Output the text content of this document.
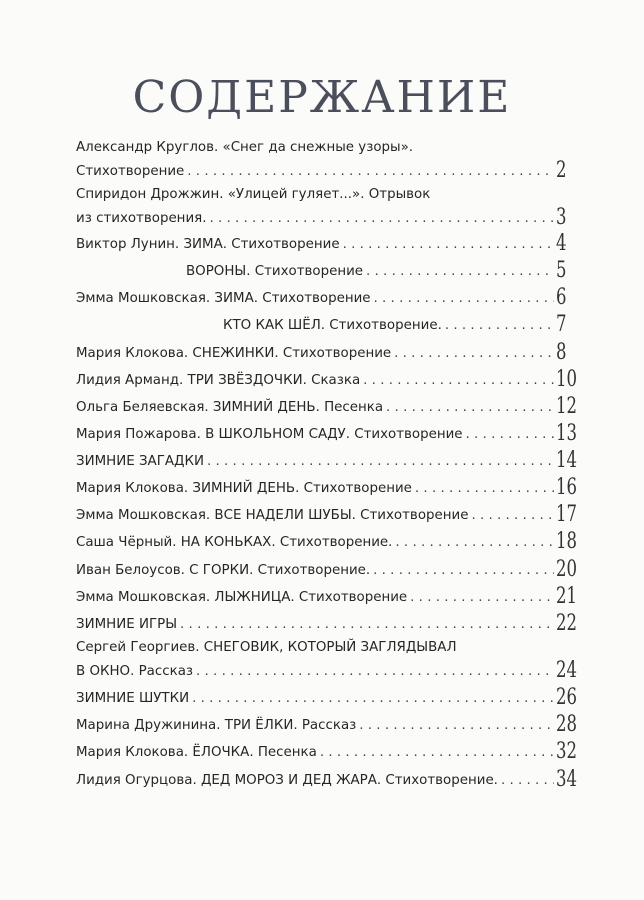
СОДЕРЖАНИЕ
Александр Круглов. «Снег да снежные узоры».
Стихотворение . . .	2
Спиридон Дрожжин. «Улицей гуляет...». Отрывок
из стихотворения. . . .	3
Виктор Лунин. ЗИМА. Стихотворение . . .	4
ВОРОНЫ. Стихотворение . . .	5
Эмма Мошковская. ЗИМА. Стихотворение . . .	6
КТО КАК ШЁЛ. Стихотворение. . . .	7
Мария Клокова. СНЕЖИНКИ. Стихотворение . . .	8
Лидия Арманд. ТРИ ЗВЁЗДОЧКИ. Сказка . . .	10
Ольга Беляевская. ЗИМНИЙ ДЕНЬ. Песенка . . .	12
Мария Пожарова. В ШКОЛЬНОМ САДУ. Стихотворение . . .	13
ЗИМНИЕ ЗАГАДКИ . . .	14
Мария Клокова. ЗИМНИЙ ДЕНЬ. Стихотворение . . .	16
Эмма Мошковская. ВСЕ НАДЕЛИ ШУБЫ. Стихотворение . . .	17
Саша Чёрный. НА КОНЬКАХ. Стихотворение. . . .	18
Иван Белоусов. С ГОРКИ. Стихотворение. . . .	20
Эмма Мошковская. ЛЫЖНИЦА. Стихотворение . . .	21
ЗИМНИЕ ИГРЫ . . .	22
Сергей Георгиев. СНЕГОВИК, КОТОРЫЙ ЗАГЛЯДЫВАЛ
В ОКНО. Рассказ . . .	24
ЗИМНИЕ ШУТКИ . . .	26
Марина Дружинина. ТРИ ЁЛКИ. Рассказ . . .	28
Мария Клокова. ЁЛОЧКА. Песенка . . .	32
Лидия Огурцова. ДЕД МОРОЗ И ДЕД ЖАРА. Стихотворение. . . .	34
